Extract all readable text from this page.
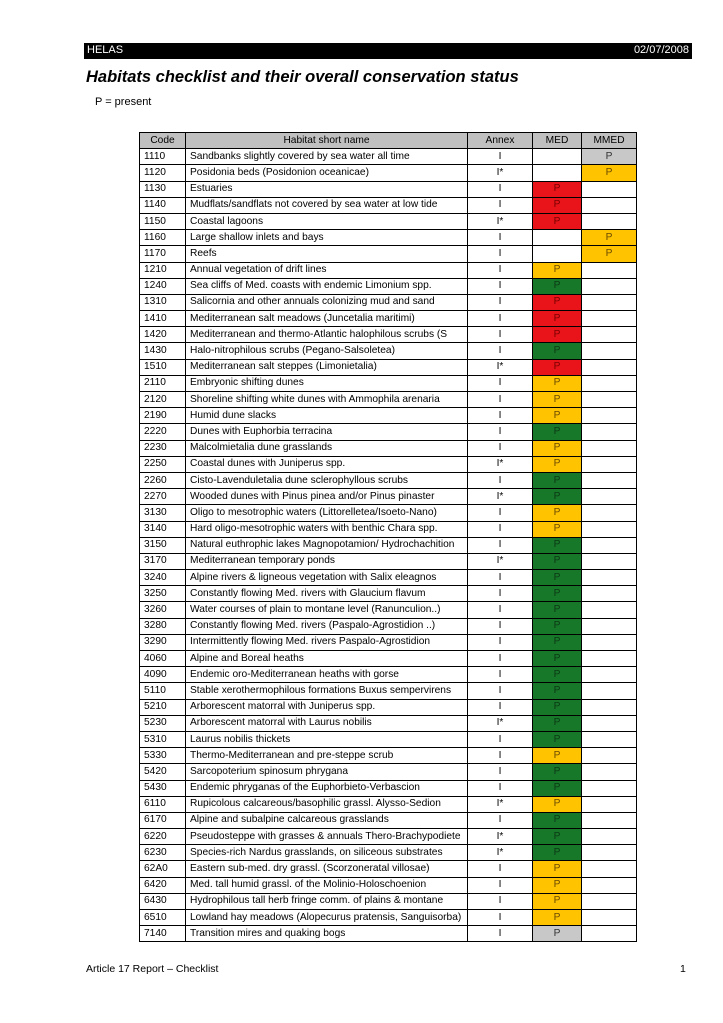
HELAS	02/07/2008
Habitats checklist and their overall conservation status
P = present
Code	Habitat short name	Annex	MED	MMED
1110	Sandbanks slightly covered by sea water all time	I		P
1120	Posidonia beds (Posidonion oceanicae)	I*		P
1130	Estuaries	I	P	
1140	Mudflats/sandflats not covered by sea water at low tide	I	P	
1150	Coastal lagoons	I*	P	
1160	Large shallow inlets and bays	I		P
1170	Reefs	I		P
1210	Annual vegetation of drift lines	I	P	
1240	Sea cliffs of Med. coasts with endemic Limonium spp.	I	P	
1310	Salicornia and other annuals colonizing mud and sand	I	P	
1410	Mediterranean salt meadows (Juncetalia maritimi)	I	P	
1420	Mediterranean and thermo-Atlantic halophilous scrubs (S	I	P	
1430	Halo-nitrophilous scrubs (Pegano-Salsoletea)	I	P	
1510	Mediterranean salt steppes (Limonietalia)	I*	P	
2110	Embryonic shifting dunes	I	P	
2120	Shoreline shifting white dunes with Ammophila arenaria	I	P	
2190	Humid dune slacks	I	P	
2220	Dunes with Euphorbia terracina	I	P	
2230	Malcolmietalia dune grasslands	I	P	
2250	Coastal dunes with Juniperus spp.	I*	P	
2260	Cisto-Lavenduletalia dune sclerophyllous scrubs	I	P	
2270	Wooded dunes with Pinus pinea and/or Pinus pinaster	I*	P	
3130	Oligo to mesotrophic waters (Littorelletea/Isoeto-Nano)	I	P	
3140	Hard oligo-mesotrophic waters with benthic Chara spp.	I	P	
3150	Natural euthrophic lakes Magnopotamion/ Hydrochachition	I	P	
3170	Mediterranean temporary ponds	I*	P	
3240	Alpine rivers & ligneous vegetation with Salix eleagnos	I	P	
3250	Constantly flowing Med. rivers with Glaucium flavum	I	P	
3260	Water courses of plain to montane level (Ranunculion..)	I	P	
3280	Constantly flowing Med. rivers (Paspalo-Agrostidion ..)	I	P	
3290	Intermittently flowing Med. rivers Paspalo-Agrostidion	I	P	
4060	Alpine and Boreal heaths	I	P	
4090	Endemic oro-Mediterranean heaths with gorse	I	P	
5110	Stable xerothermophilous formations Buxus sempervirens	I	P	
5210	Arborescent matorral with Juniperus spp.	I	P	
5230	Arborescent matorral with Laurus nobilis	I*	P	
5310	Laurus nobilis thickets	I	P	
5330	Thermo-Mediterranean and pre-steppe scrub	I	P	
5420	Sarcopoterium spinosum phrygana	I	P	
5430	Endemic phryganas of the Euphorbieto-Verbascion	I	P	
6110	Rupicolous calcareous/basophilic grassl. Alysso-Sedion	I*	P	
6170	Alpine and subalpine calcareous grasslands	I	P	
6220	Pseudosteppe with grasses & annuals Thero-Brachypodiete	I*	P	
6230	Species-rich Nardus grasslands, on siliceous substrates	I*	P	
62A0	Eastern sub-med. dry grassl. (Scorzoneratal villosae)	I	P	
6420	Med. tall humid grassl. of the Molinio-Holoschoenion	I	P	
6430	Hydrophilous tall herb fringe comm. of plains & montane	I	P	
6510	Lowland hay meadows (Alopecurus pratensis, Sanguisorba)	I	P	
7140	Transition mires and quaking bogs	I	P	
Article 17 Report – Checklist	1
